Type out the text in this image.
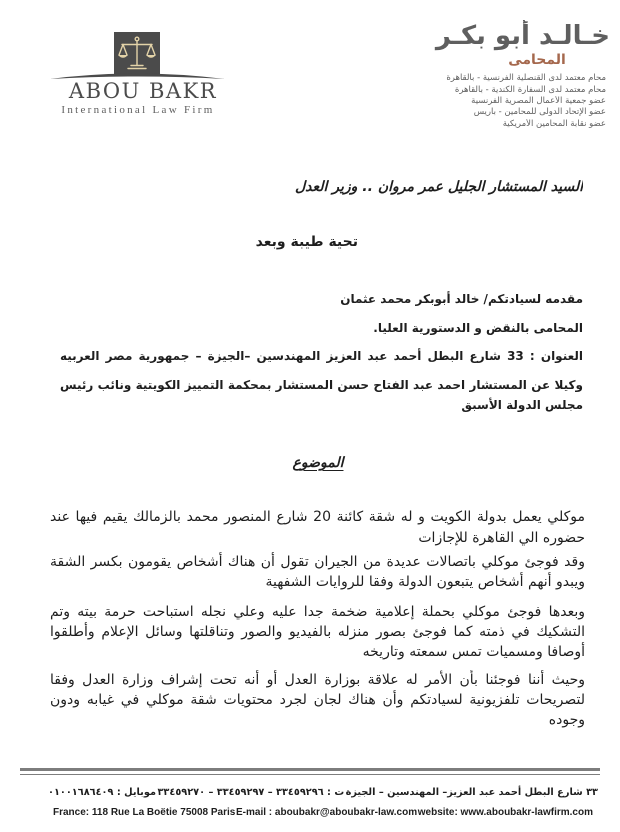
ABOU BAKR
International Law Firm
خـالـد أبو بكـر
المحامى
محام معتمد لدى القنصلية الفرنسية - بالقاهرة
محام معتمد لدى السفارة الكندية - بالقاهرة
عضو جمعية الأعمال المصرية الفرنسية
عضو الإتحاد الدولى للمحامين - باريس
عضو نقابة المحامين الأمريكية
السيد المستشار الجليل عمر مروان .. وزير العدل
تحية طيبة وبعد
مقدمه لسيادتكم/ خالد أبوبكر محمد عثمان
المحامى بالنقض و الدستورية العليا.
العنوان : 33 شارع البطل أحمد عبد العزيز المهندسين –الجيزة – جمهورية مصر العربيه
وكيلا عن المستشار احمد عبد الفتاح حسن المستشار بمحكمة التمييز الكويتية ونائب رئيس
مجلس الدولة الأسبق
الموضوع
موكلي يعمل بدولة الكويت و له شقة كائنة 20 شارع المنصور محمد بالزمالك يقيم فيها عند
حضوره الي القاهرة للإجازات
وقد فوجئ موكلي باتصالات عديدة من الجيران تقول أن هناك أشخاص يقومون بكسر الشقة
ويبدو أنهم أشخاص يتبعون الدولة وفقا للروايات الشفهية
وبعدها فوجئ موكلي بحملة إعلامية ضخمة جدا عليه وعلي نجله استباحت حرمة بيته وتم
التشكيك في ذمته كما فوجئ بصور منزله بالفيديو والصور وتناقلتها وسائل الإعلام وأطلقوا
أوصافا ومسميات تمس سمعته وتاريخه
وحيث أننا فوجئنا بأن الأمر له علاقة بوزارة العدل أو أنه تحت إشراف وزارة العدل وفقا
لتصريحات تلفزيونية لسيادتكم وأن هناك لجان لجرد محتويات شقة موكلي في غيابه ودون
وجوده
٣٣ شارع البطل أحمد عبد العزيز– المهندسين – الجيزة
ت : ٣٣٤٥٩٢٩٦ – ٣٣٤٥٩٢٩٧ – ٣٣٤٥٩٢٧٠
موبايل : ٠١٠٠١٦٨٦٤٠٩
France: 118 Rue La Boëtie 75008 Paris E-mail : aboubakr@aboubakr-law.com website: www.aboubakr-lawfirm.com
